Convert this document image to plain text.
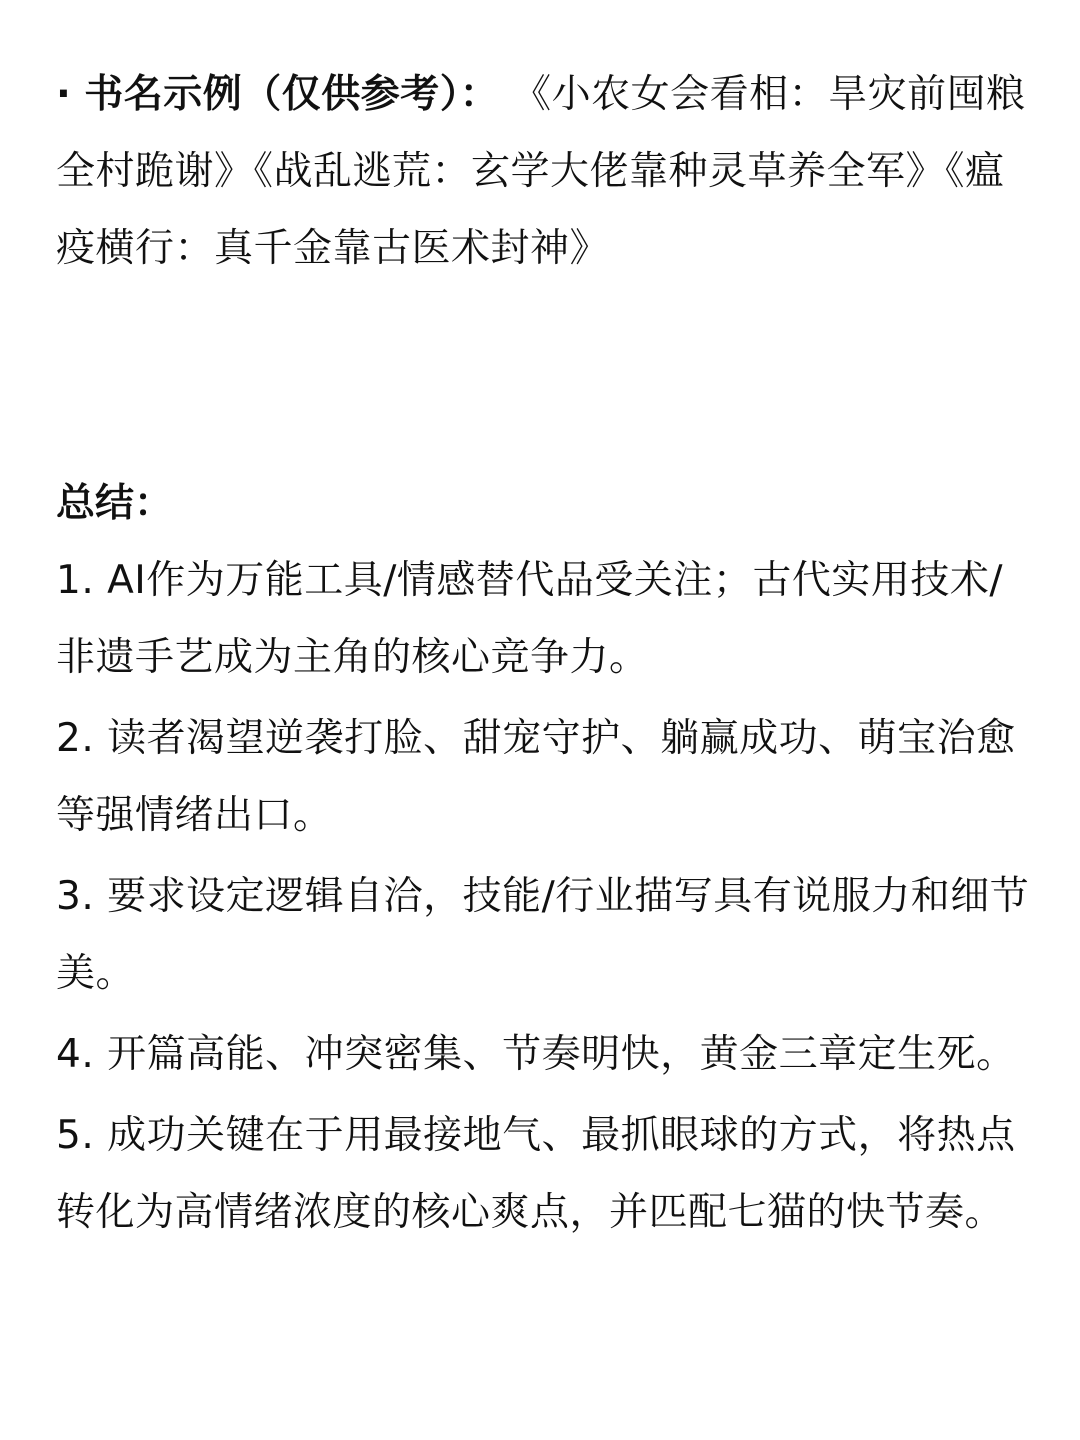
· 书名示例（仅供参考）： 《小农女会看相：旱灾前囤粮全村跪谢》《战乱逃荒：玄学大佬靠种灵草养全军》《瘟疫横行：真千金靠古医术封神》

总结：
1. AI作为万能工具/情感替代品受关注；古代实用技术/非遗手艺成为主角的核心竞争力。
2. 读者渴望逆袭打脸、甜宠守护、躺赢成功、萌宝治愈等强情绪出口。
3. 要求设定逻辑自洽，技能/行业描写具有说服力和细节美。
4. 开篇高能、冲突密集、节奏明快，黄金三章定生死。
5. 成功关键在于用最接地气、最抓眼球的方式，将热点转化为高情绪浓度的核心爽点，并匹配七猫的快节奏。
